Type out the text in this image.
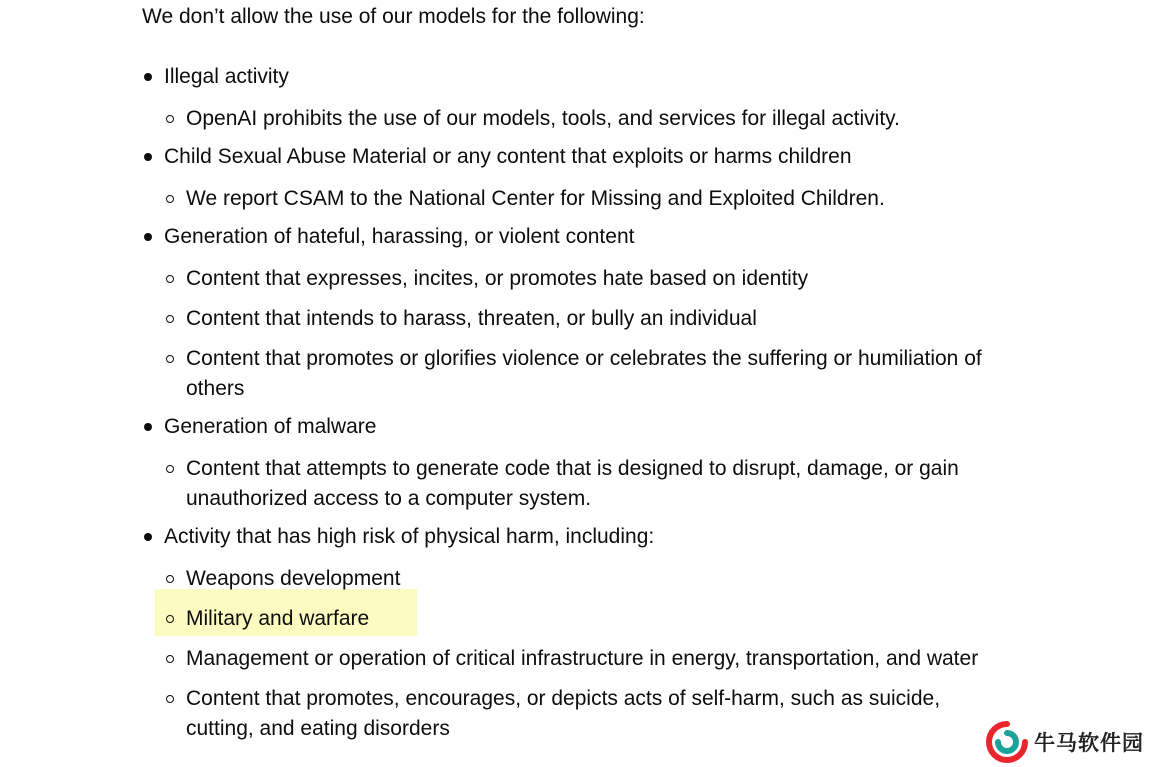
We don’t allow the use of our models for the following:

Illegal activity
OpenAI prohibits the use of our models, tools, and services for illegal activity.
Child Sexual Abuse Material or any content that exploits or harms children
We report CSAM to the National Center for Missing and Exploited Children.
Generation of hateful, harassing, or violent content
Content that expresses, incites, or promotes hate based on identity
Content that intends to harass, threaten, or bully an individual
Content that promotes or glorifies violence or celebrates the suffering or humiliation of others
Generation of malware
Content that attempts to generate code that is designed to disrupt, damage, or gain unauthorized access to a computer system.
Activity that has high risk of physical harm, including:
Weapons development
Military and warfare
Management or operation of critical infrastructure in energy, transportation, and water
Content that promotes, encourages, or depicts acts of self-harm, such as suicide, cutting, and eating disorders
牛马软件园
